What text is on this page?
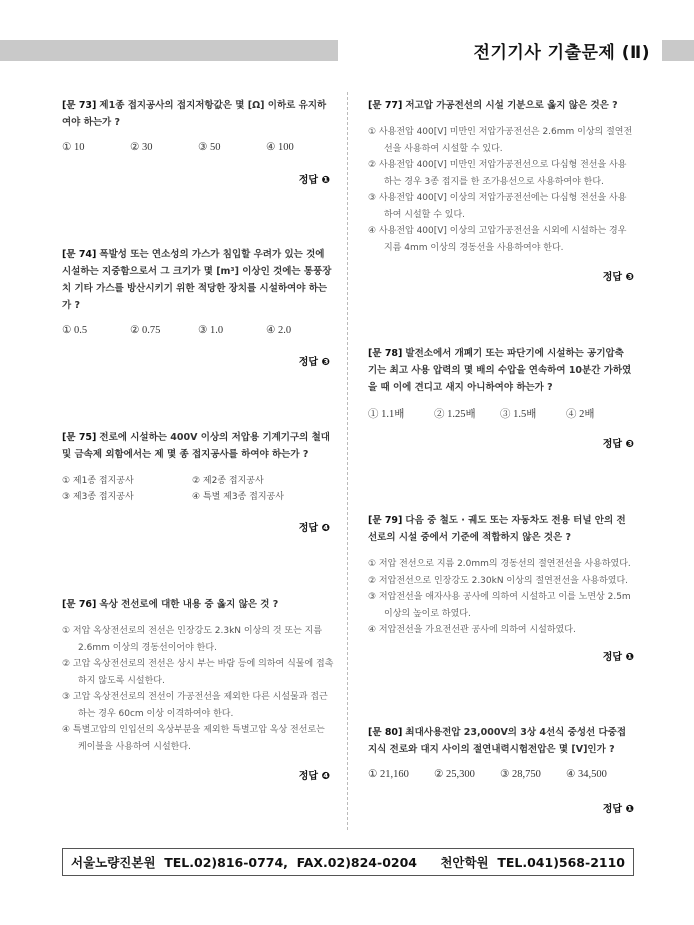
전기기사 기출문제 (Ⅱ)
[문 73] 제1종 접지공사의 접지저항값은 몇 [Ω] 이하로 유지하여야 하는가 ?
① 10	② 30	③ 50	④ 100
정답 ❶
[문 74] 폭발성 또는 연소성의 가스가 침입할 우려가 있는 것에 시설하는 지중함으로서 그 크기가 몇 [m³] 이상인 것에는 통풍장치 기타 가스를 방산시키기 위한 적당한 장치를 시설하여야 하는가 ?
① 0.5	② 0.75	③ 1.0	④ 2.0
정답 ❸
[문 75] 전로에 시설하는 400V 이상의 저압용 기계기구의 철대 및 금속제 외함에서는 제 몇 종 접지공사를 하여야 하는가 ?
① 제1종 접지공사	② 제2종 접지공사
③ 제3종 접지공사	④ 특별 제3종 접지공사
정답 ❹
[문 76] 옥상 전선로에 대한 내용 중 옳지 않은 것 ?
① 저압 옥상전선로의 전선은 인장강도 2.3kN 이상의 것 또는 지름 2.6mm 이상의 경동선이어야 한다.
② 고압 옥상전선로의 전선은 상시 부는 바람 등에 의하여 식물에 접촉하지 않도록 시설한다.
③ 고압 옥상전선로의 전선이 가공전선을 제외한 다른 시설물과 접근하는 경우 60cm 이상 이격하여야 한다.
④ 특별고압의 인입선의 옥상부분을 제외한 특별고압 옥상 전선로는 케이블을 사용하여 시설한다.
정답 ❹
[문 77] 저고압 가공전선의 시설 기분으로 옳지 않은 것은 ?
① 사용전압 400[V] 미만인 저압가공전선은 2.6mm 이상의 절연전선을 사용하여 시설할 수 있다.
② 사용전압 400[V] 미만인 저압가공전선으로 다심형 전선을 사용하는 경우 3종 접지를 한 조가용선으로 사용하여야 한다.
③ 사용전압 400[V] 이상의 저압가공전선에는 다심형 전선을 사용하여 시설할 수 있다.
④ 사용전압 400[V] 이상의 고압가공전선을 시외에 시설하는 경우 지름 4mm 이상의 경동선을 사용하여야 한다.
정답 ❸
[문 78] 발전소에서 개폐기 또는 파단기에 시설하는 공기압축기는 최고 사용 압력의 몇 배의 수압을 연속하여 10분간 가하였을 때 이에 견디고 새지 아니하여야 하는가 ?
① 1.1배	② 1.25배	③ 1.5배	④ 2배
정답 ❸
[문 79] 다음 중 철도 · 궤도 또는 자동차도 전용 터널 안의 전선로의 시설 중에서 기준에 적합하지 않은 것은 ?
① 저압 전선으로 지름 2.0mm의 경동선의 절연전선을 사용하였다.
② 저압전선으로 인장강도 2.30kN 이상의 절연전선을 사용하였다.
③ 저압전선을 애자사용 공사에 의하여 시설하고 이를 노면상 2.5m 이상의 높이로 하였다.
④ 저압전선을 가요전선관 공사에 의하여 시설하였다.
정답 ❶
[문 80] 최대사용전압 23,000V의 3상 4선식 중성선 다중접지식 전로와 대지 사이의 절연내력시험전압은 몇 [V]인가 ?
① 21,160	② 25,300	③ 28,750	④ 34,500
정답 ❶
서울노량진본원  TEL.02)816-0774,  FAX.02)824-0204 천안학원  TEL.041)568-2110
